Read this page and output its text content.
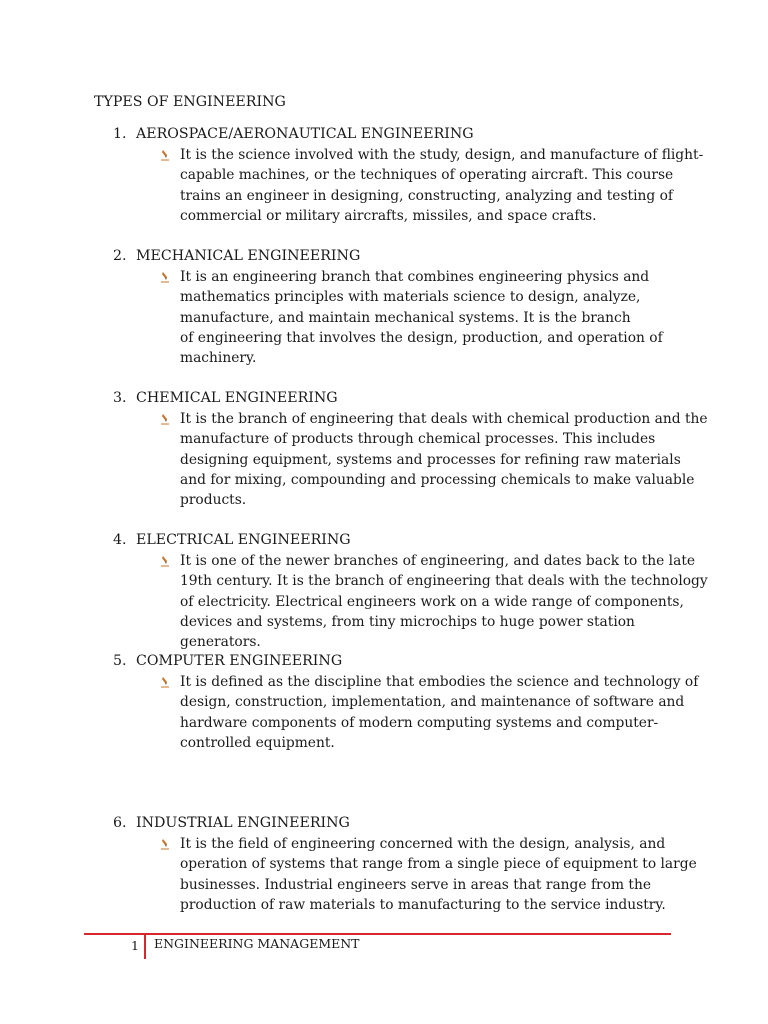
TYPES OF ENGINEERING
1. AEROSPACE/AERONAUTICAL ENGINEERING
It is the science involved with the study, design, and manufacture of flight-
capable machines, or the techniques of operating aircraft. This course
trains an engineer in designing, constructing, analyzing and testing of
commercial or military aircrafts, missiles, and space crafts.
2. MECHANICAL ENGINEERING
It is an engineering branch that combines engineering physics and
mathematics principles with materials science to design, analyze,
manufacture, and maintain mechanical systems. It is the branch
of engineering that involves the design, production, and operation of
machinery.
3. CHEMICAL ENGINEERING
It is the branch of engineering that deals with chemical production and the
manufacture of products through chemical processes. This includes
designing equipment, systems and processes for refining raw materials
and for mixing, compounding and processing chemicals to make valuable
products.
4. ELECTRICAL ENGINEERING
It is one of the newer branches of engineering, and dates back to the late
19th century. It is the branch of engineering that deals with the technology
of electricity. Electrical engineers work on a wide range of components,
devices and systems, from tiny microchips to huge power station
generators.
5. COMPUTER ENGINEERING
It is defined as the discipline that embodies the science and technology of
design, construction, implementation, and maintenance of software and
hardware components of modern computing systems and computer-
controlled equipment.
6. INDUSTRIAL ENGINEERING
It is the field of engineering concerned with the design, analysis, and
operation of systems that range from a single piece of equipment to large
businesses. Industrial engineers serve in areas that range from the
production of raw materials to manufacturing to the service industry.
1 ENGINEERING MANAGEMENT
